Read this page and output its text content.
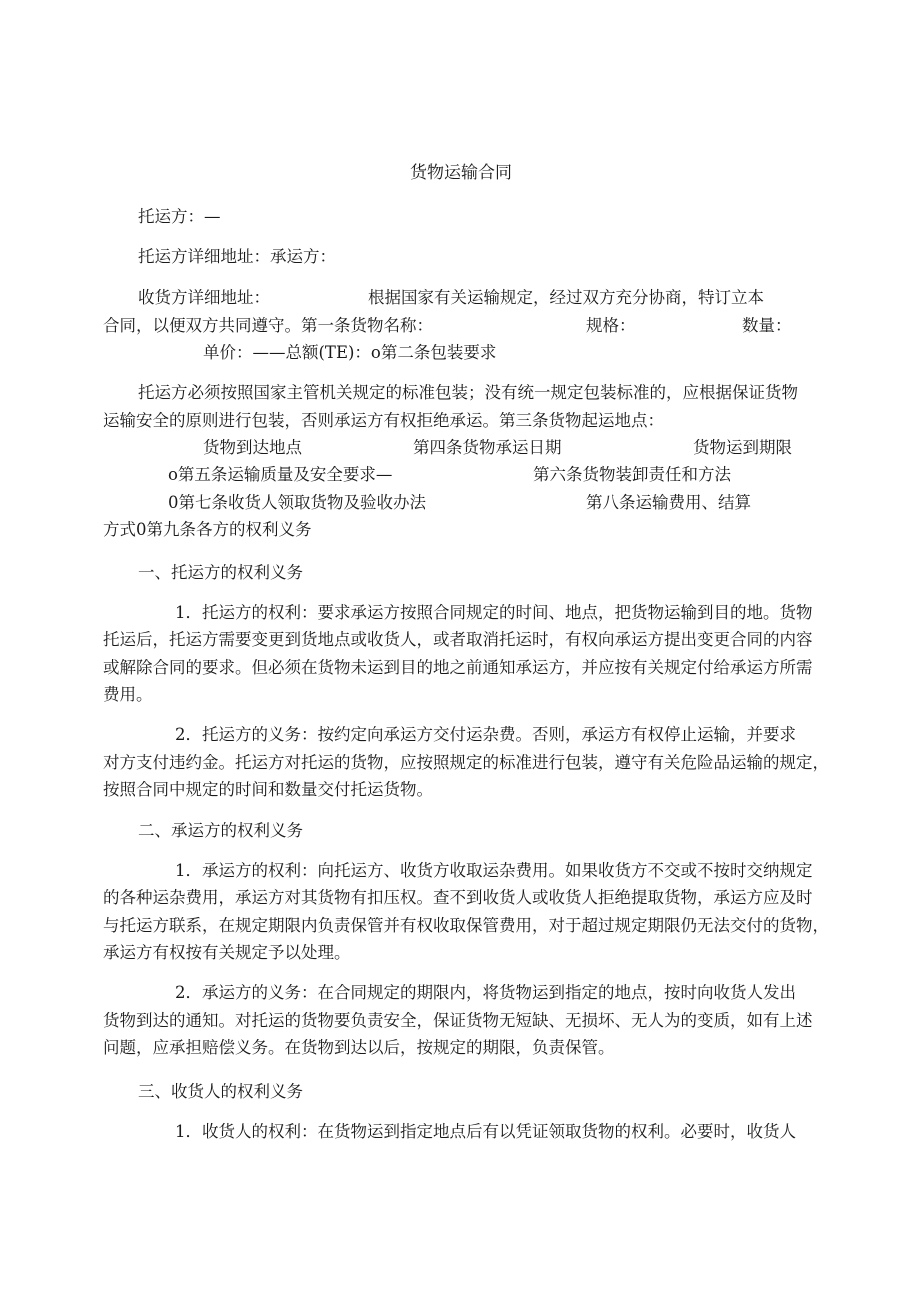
货物运输合同
托运方：—
托运方详细地址：承运方：
收货方详细地址：	根据国家有关运输规定，经过双方充分协商，特订立本
合同，以便双方共同遵守。第一条货物名称：	规格：	数量：
单价：——总额(TE)：o第二条包装要求
托运方必须按照国家主管机关规定的标准包装；没有统一规定包装标准的，应根据保证货物
运输安全的原则进行包装，否则承运方有权拒绝承运。第三条货物起运地点：
货物到达地点	第四条货物承运日期	货物运到期限
o第五条运输质量及安全要求—	第六条货物装卸责任和方法
0第七条收货人领取货物及验收办法	第八条运输费用、结算
方式0第九条各方的权利义务
一、托运方的权利义务
1．托运方的权利：要求承运方按照合同规定的时间、地点，把货物运输到目的地。货物
托运后，托运方需要变更到货地点或收货人，或者取消托运时，有权向承运方提出变更合同的内容
或解除合同的要求。但必须在货物未运到目的地之前通知承运方，并应按有关规定付给承运方所需
费用。
2．托运方的义务：按约定向承运方交付运杂费。否则，承运方有权停止运输，并要求
对方支付违约金。托运方对托运的货物，应按照规定的标准进行包装，遵守有关危险品运输的规定，
按照合同中规定的时间和数量交付托运货物。
二、承运方的权利义务
1．承运方的权利：向托运方、收货方收取运杂费用。如果收货方不交或不按时交纳规定
的各种运杂费用，承运方对其货物有扣压权。查不到收货人或收货人拒绝提取货物，承运方应及时
与托运方联系，在规定期限内负责保管并有权收取保管费用，对于超过规定期限仍无法交付的货物，
承运方有权按有关规定予以处理。
2．承运方的义务：在合同规定的期限内，将货物运到指定的地点，按时向收货人发出
货物到达的通知。对托运的货物要负责安全，保证货物无短缺、无损坏、无人为的变质，如有上述
问题，应承担赔偿义务。在货物到达以后，按规定的期限，负责保管。
三、收货人的权利义务
1．收货人的权利：在货物运到指定地点后有以凭证领取货物的权利。必要时，收货人
